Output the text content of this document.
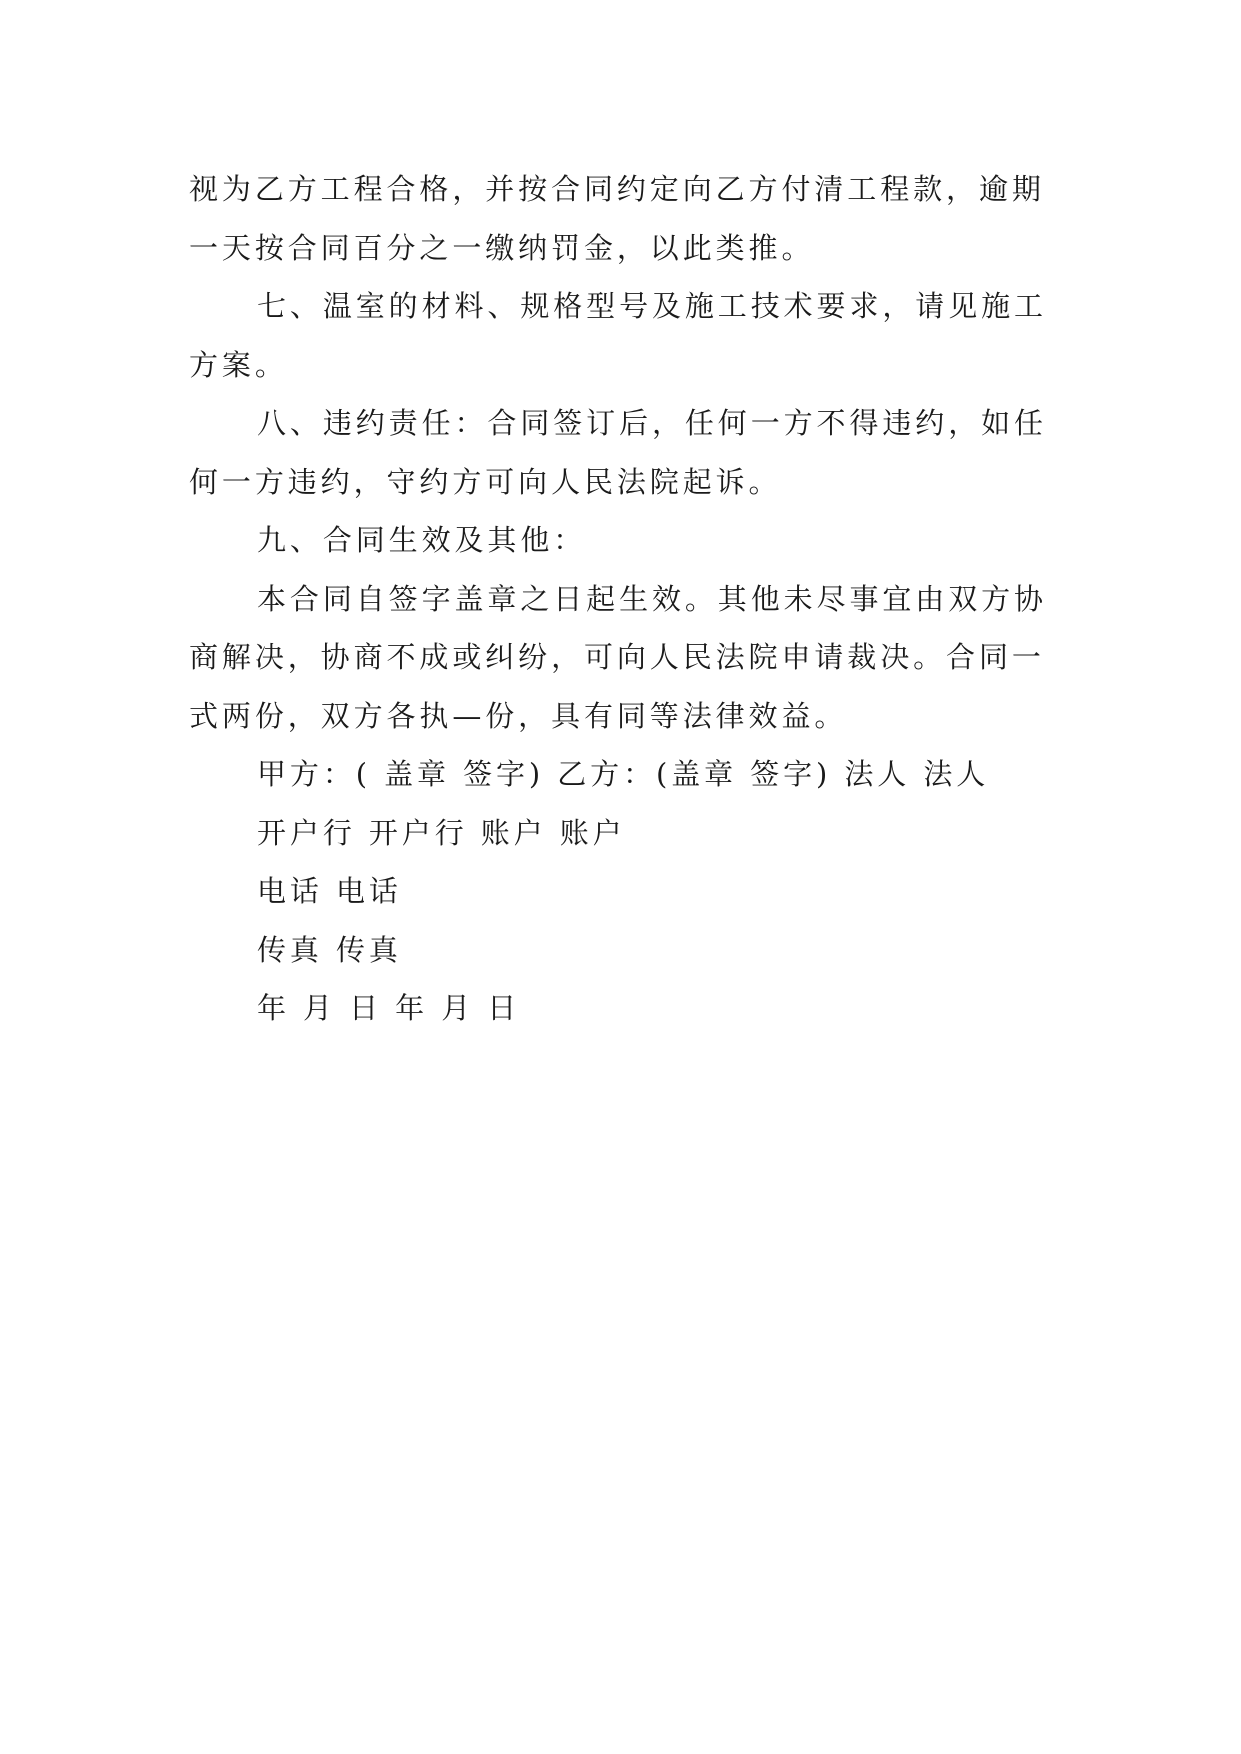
视为乙方工程合格，并按合同约定向乙方付清工程款，逾期
一天按合同百分之一缴纳罚金，以此类推。
七、温室的材料、规格型号及施工技术要求，请见施工
方案。
八、违约责任：合同签订后，任何一方不得违约，如任
何一方违约，守约方可向人民法院起诉。
九、合同生效及其他：
本合同自签字盖章之日起生效。其他未尽事宜由双方协
商解决，协商不成或纠纷，可向人民法院申请裁决。合同一
式两份，双方各执—份，具有同等法律效益。
甲方：( 盖章 签字) 乙方：(盖章 签字) 法人 法人
开户行 开户行 账户 账户
电话 电话
传真 传真
年 月 日 年 月 日
